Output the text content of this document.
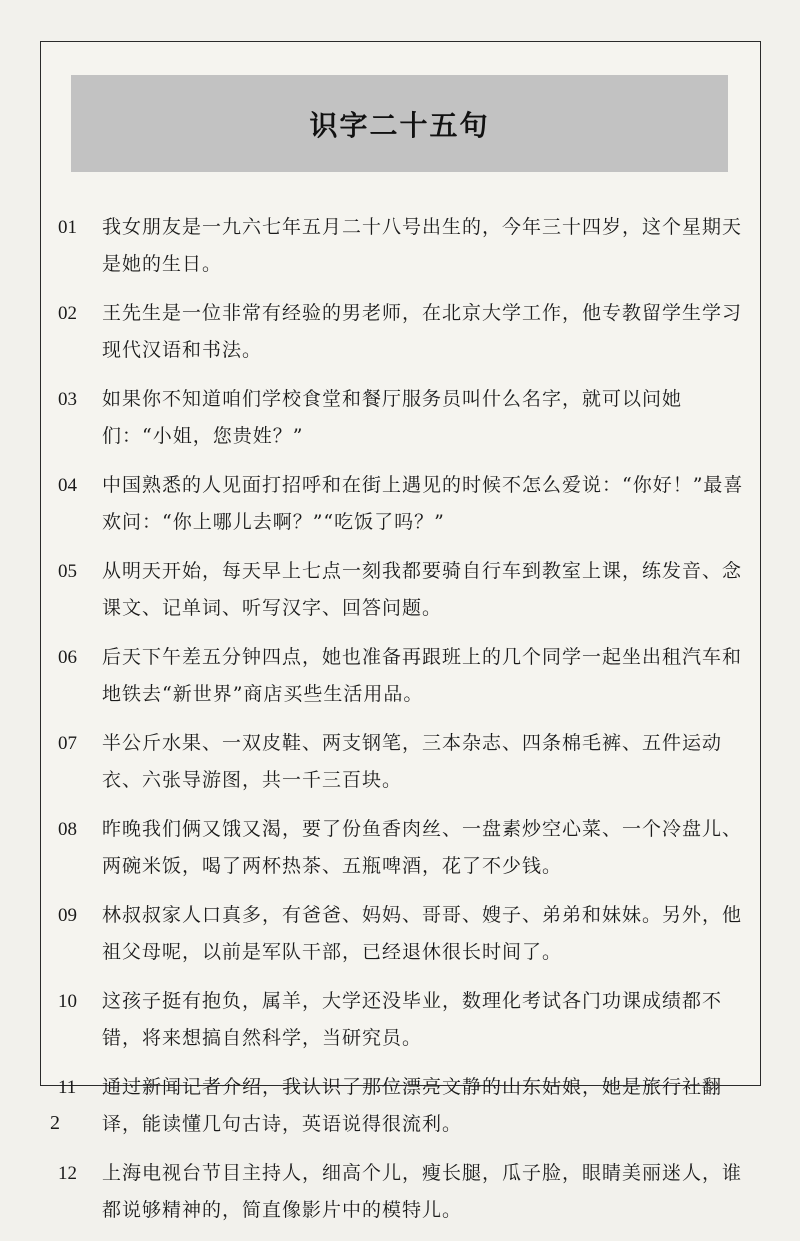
识字二十五句
01	我女朋友是一九六七年五月二十八号出生的，今年三十四岁，这个星期天是她的生日。
02	王先生是一位非常有经验的男老师，在北京大学工作，他专教留学生学习现代汉语和书法。
03	如果你不知道咱们学校食堂和餐厅服务员叫什么名字，就可以问她们：“小姐，您贵姓？”
04	中国熟悉的人见面打招呼和在街上遇见的时候不怎么爱说：“你好！”最喜欢问：“你上哪儿去啊？”“吃饭了吗？”
05	从明天开始，每天早上七点一刻我都要骑自行车到教室上课，练发音、念课文、记单词、听写汉字、回答问题。
06	后天下午差五分钟四点，她也准备再跟班上的几个同学一起坐出租汽车和地铁去“新世界”商店买些生活用品。
07	半公斤水果、一双皮鞋、两支钢笔，三本杂志、四条棉毛裤、五件运动衣、六张导游图，共一千三百块。
08	昨晚我们俩又饿又渴，要了份鱼香肉丝、一盘素炒空心菜、一个冷盘儿、两碗米饭，喝了两杯热茶、五瓶啤酒，花了不少钱。
09	林叔叔家人口真多，有爸爸、妈妈、哥哥、嫂子、弟弟和妹妹。另外，他祖父母呢，以前是军队干部，已经退休很长时间了。
10	这孩子挺有抱负，属羊，大学还没毕业，数理化考试各门功课成绩都不错，将来想搞自然科学，当研究员。
11	通过新闻记者介绍，我认识了那位漂亮文静的山东姑娘，她是旅行社翻译，能读懂几句古诗，英语说得很流利。
12	上海电视台节目主持人，细高个儿，瘦长腿，瓜子脸，眼睛美丽迷人，谁都说够精神的，简直像影片中的模特儿。
2
